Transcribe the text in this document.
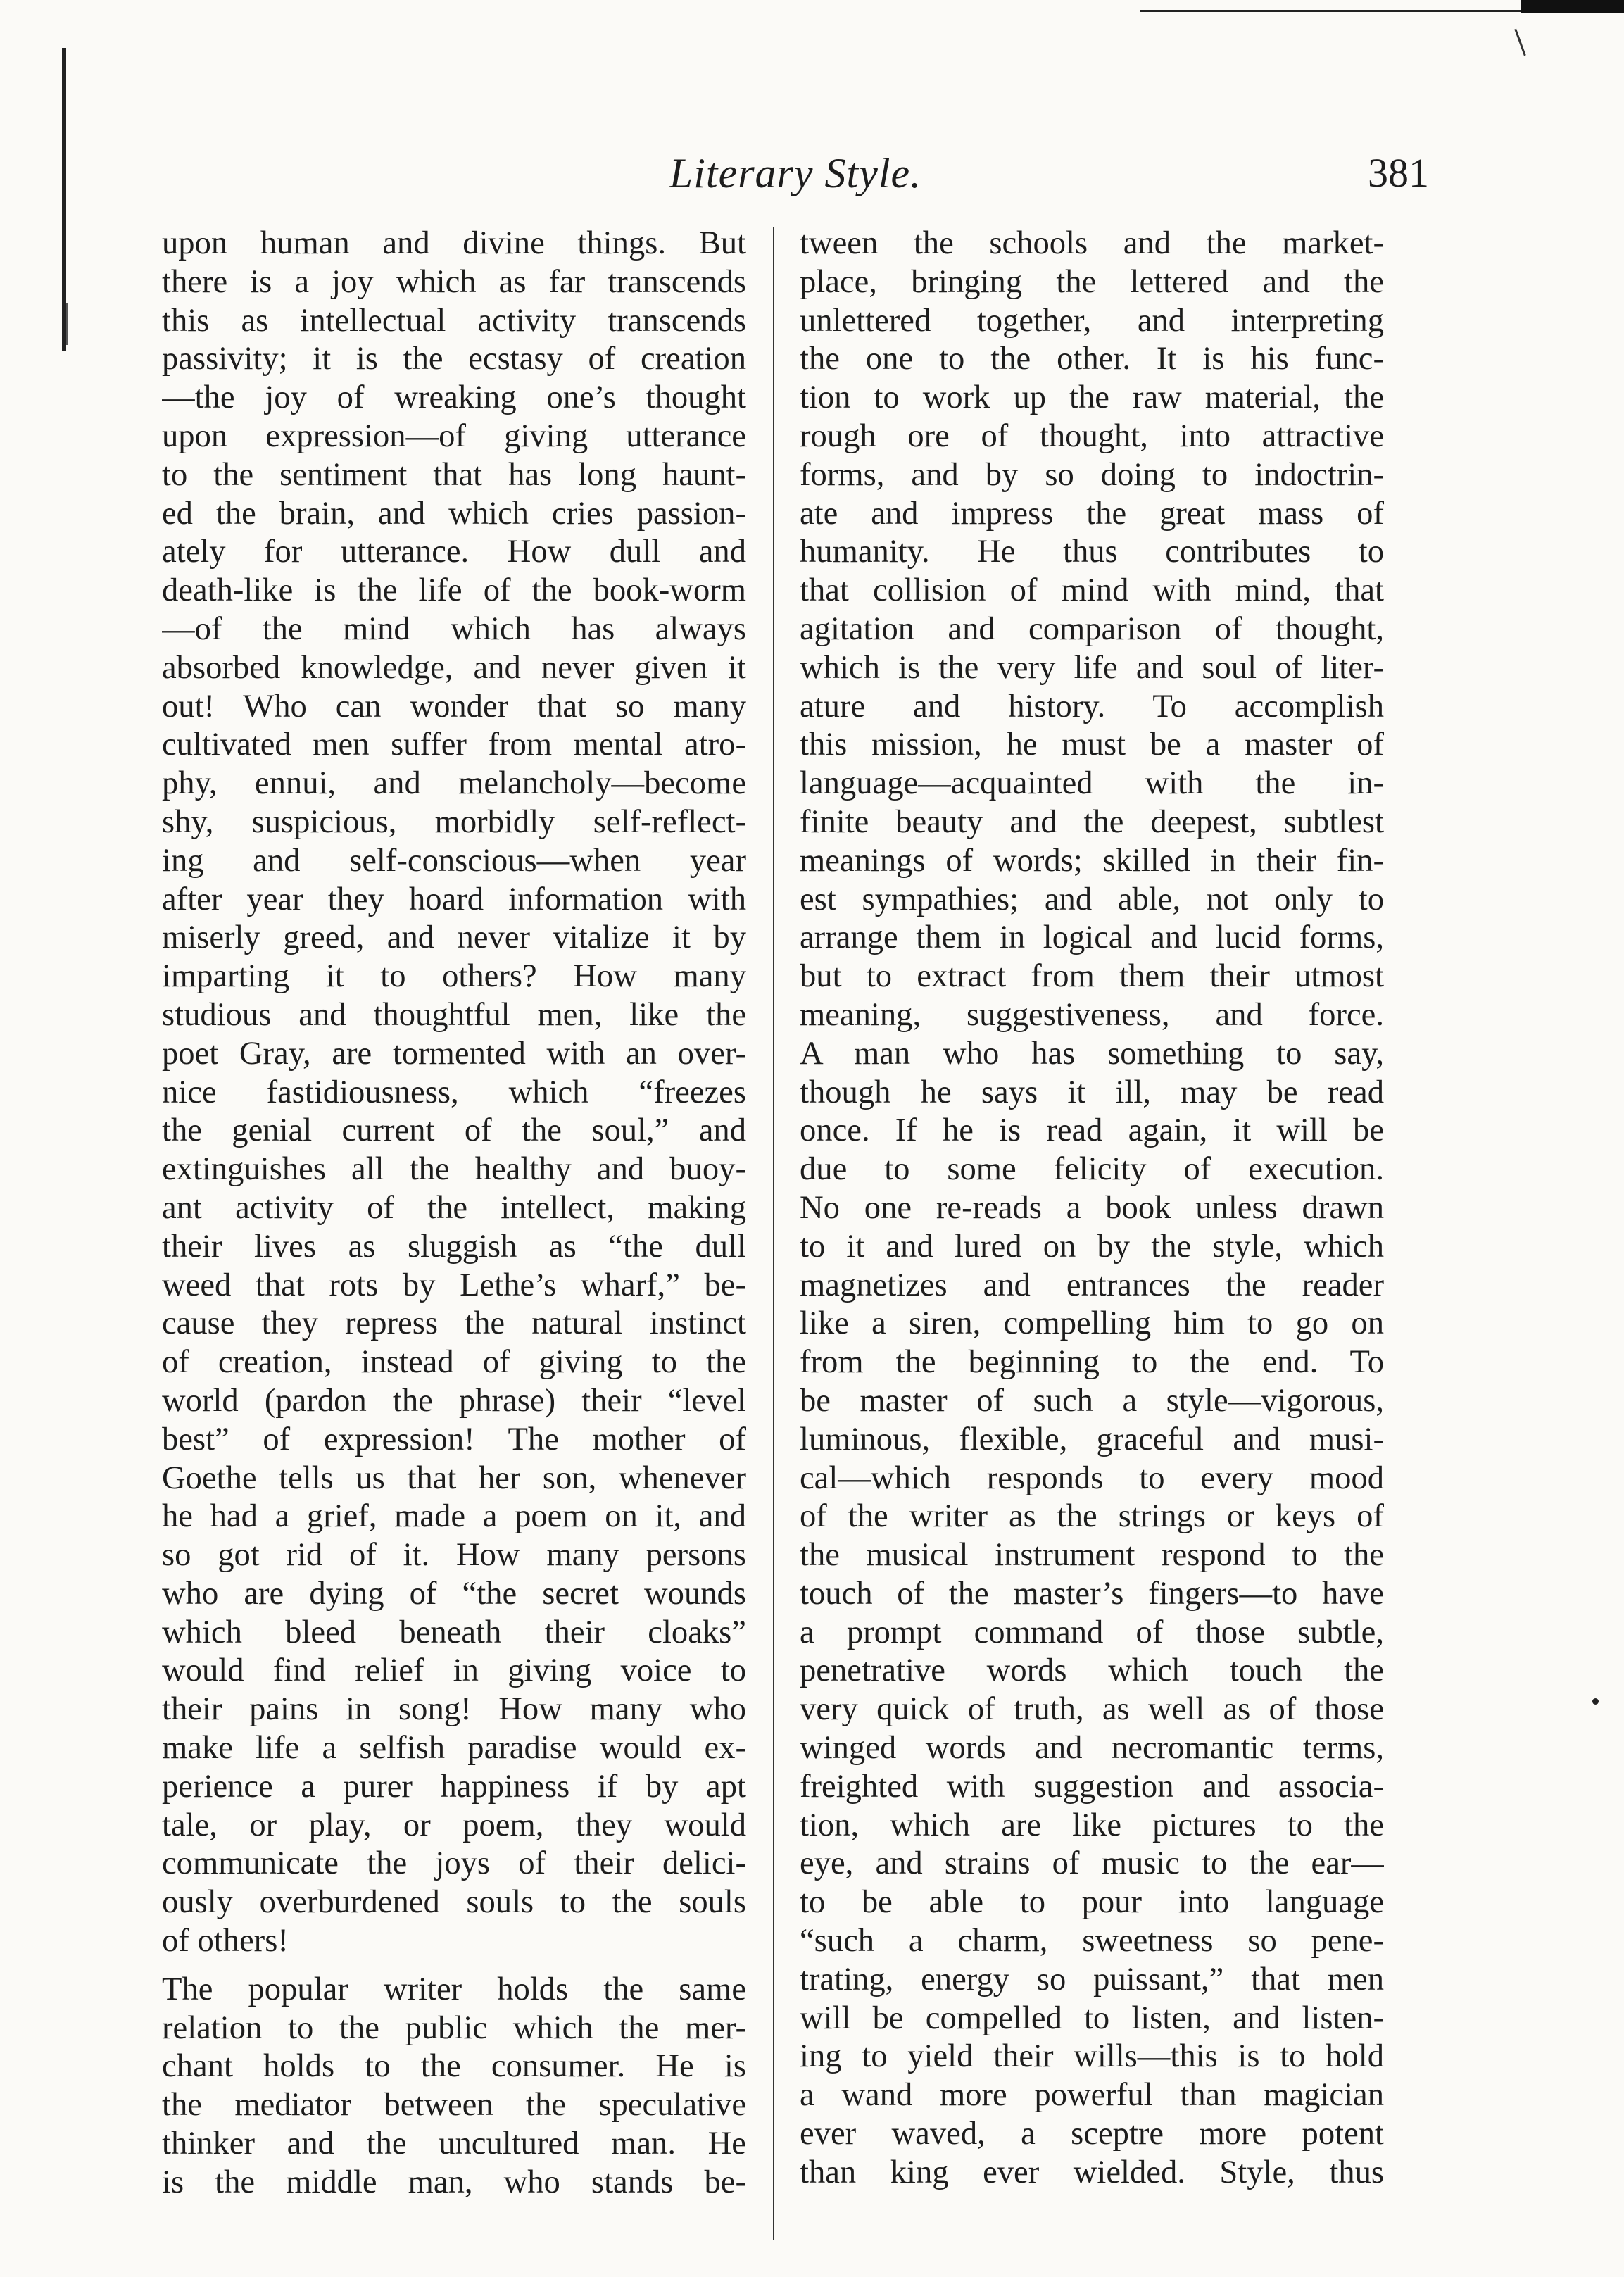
Literary Style.	381
upon human and divine things. But
there is a joy which as far transcends
this as intellectual activity transcends
passivity; it is the ecstasy of creation
—the joy of wreaking one’s thought
upon expression—of giving utterance
to the sentiment that has long haunt-
ed the brain, and which cries passion-
ately for utterance. How dull and
death-like is the life of the book-worm
—of the mind which has always
absorbed knowledge, and never given it
out! Who can wonder that so many
cultivated men suffer from mental atro-
phy, ennui, and melancholy—become
shy, suspicious, morbidly self-reflect-
ing and self-conscious—when year
after year they hoard information with
miserly greed, and never vitalize it by
imparting it to others? How many
studious and thoughtful men, like the
poet Gray, are tormented with an over-
nice fastidiousness, which “freezes
the genial current of the soul,” and
extinguishes all the healthy and buoy-
ant activity of the intellect, making
their lives as sluggish as “the dull
weed that rots by Lethe’s wharf,” be-
cause they repress the natural instinct
of creation, instead of giving to the
world (pardon the phrase) their “level
best” of expression! The mother of
Goethe tells us that her son, whenever
he had a grief, made a poem on it, and
so got rid of it. How many persons
who are dying of “the secret wounds
which bleed beneath their cloaks”
would find relief in giving voice to
their pains in song! How many who
make life a selfish paradise would ex-
perience a purer happiness if by apt
tale, or play, or poem, they would
communicate the joys of their delici-
ously overburdened souls to the souls
of others!
The popular writer holds the same
relation to the public which the mer-
chant holds to the consumer. He is
the mediator between the speculative
thinker and the uncultured man. He
is the middle man, who stands be-
tween the schools and the market-
place, bringing the lettered and the
unlettered together, and interpreting
the one to the other. It is his func-
tion to work up the raw material, the
rough ore of thought, into attractive
forms, and by so doing to indoctrin-
ate and impress the great mass of
humanity. He thus contributes to
that collision of mind with mind, that
agitation and comparison of thought,
which is the very life and soul of liter-
ature and history. To accomplish
this mission, he must be a master of
language—acquainted with the in-
finite beauty and the deepest, subtlest
meanings of words; skilled in their fin-
est sympathies; and able, not only to
arrange them in logical and lucid forms,
but to extract from them their utmost
meaning, suggestiveness, and force.
A man who has something to say,
though he says it ill, may be read
once. If he is read again, it will be
due to some felicity of execution.
No one re-reads a book unless drawn
to it and lured on by the style, which
magnetizes and entrances the reader
like a siren, compelling him to go on
from the beginning to the end. To
be master of such a style—vigorous,
luminous, flexible, graceful and musi-
cal—which responds to every mood
of the writer as the strings or keys of
the musical instrument respond to the
touch of the master’s fingers—to have
a prompt command of those subtle,
penetrative words which touch the
very quick of truth, as well as of those
winged words and necromantic terms,
freighted with suggestion and associa-
tion, which are like pictures to the
eye, and strains of music to the ear—
to be able to pour into language
“such a charm, sweetness so pene-
trating, energy so puissant,” that men
will be compelled to listen, and listen-
ing to yield their wills—this is to hold
a wand more powerful than magician
ever waved, a sceptre more potent
than king ever wielded. Style, thus
